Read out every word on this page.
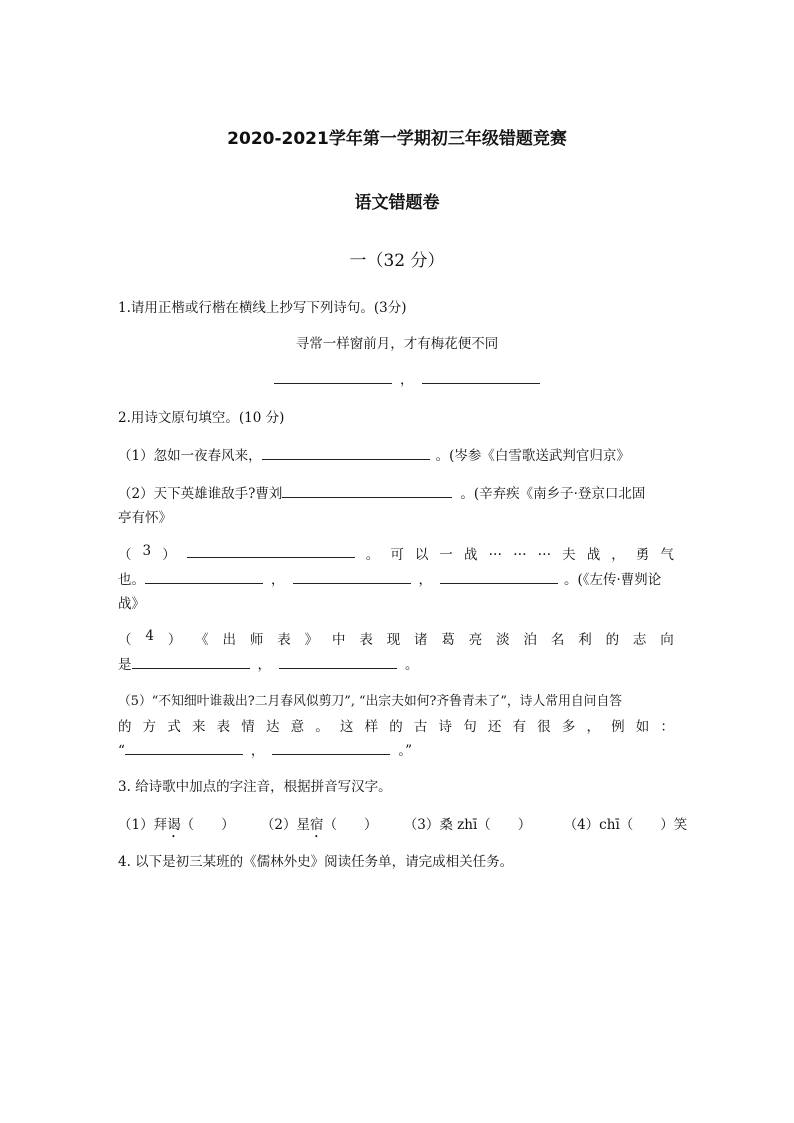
2020-2021学年第一学期初三年级错题竞赛
语文错题卷
一（32 分）
1.请用正楷或行楷在横线上抄写下列诗句。(3分)
寻常一样窗前月，才有梅花便不同
，
2.用诗文原句填空。(10 分)
（1）忽如一夜春风来，	。(岑参《白雪歌送武判官归京》
（2）天下英雄谁敌手?曹刘	。(辛弃疾《南乡子·登京口北固
亭有怀》
（ 3 ）	。 可 以 一 战 … … … 夫 战 ， 勇 气
也。	，	，	。(《左传·曹刿论
战》
（ 4 ） 《 出 师 表 》 中 表 现 诸 葛 亮 淡 泊 名 利 的 志 向
是	，	。
（5）“不知细叶谁裁出?二月春风似剪刀”, “出宗夫如何?齐鲁青未了”，诗人常用自问自答
的 方 式 来 表 情 达 意 。 这 样 的 古 诗 句 还 有 很 多 ， 例 如 ：
“	，	。”
3. 给诗歌中加点的字注音，根据拼音写汉字。
（1）拜谒（　　） （2）星宿（　　） （3）桑 zhī（　　） （4）chī（　　）笑
4. 以下是初三某班的《儒林外史》阅读任务单，请完成相关任务。
